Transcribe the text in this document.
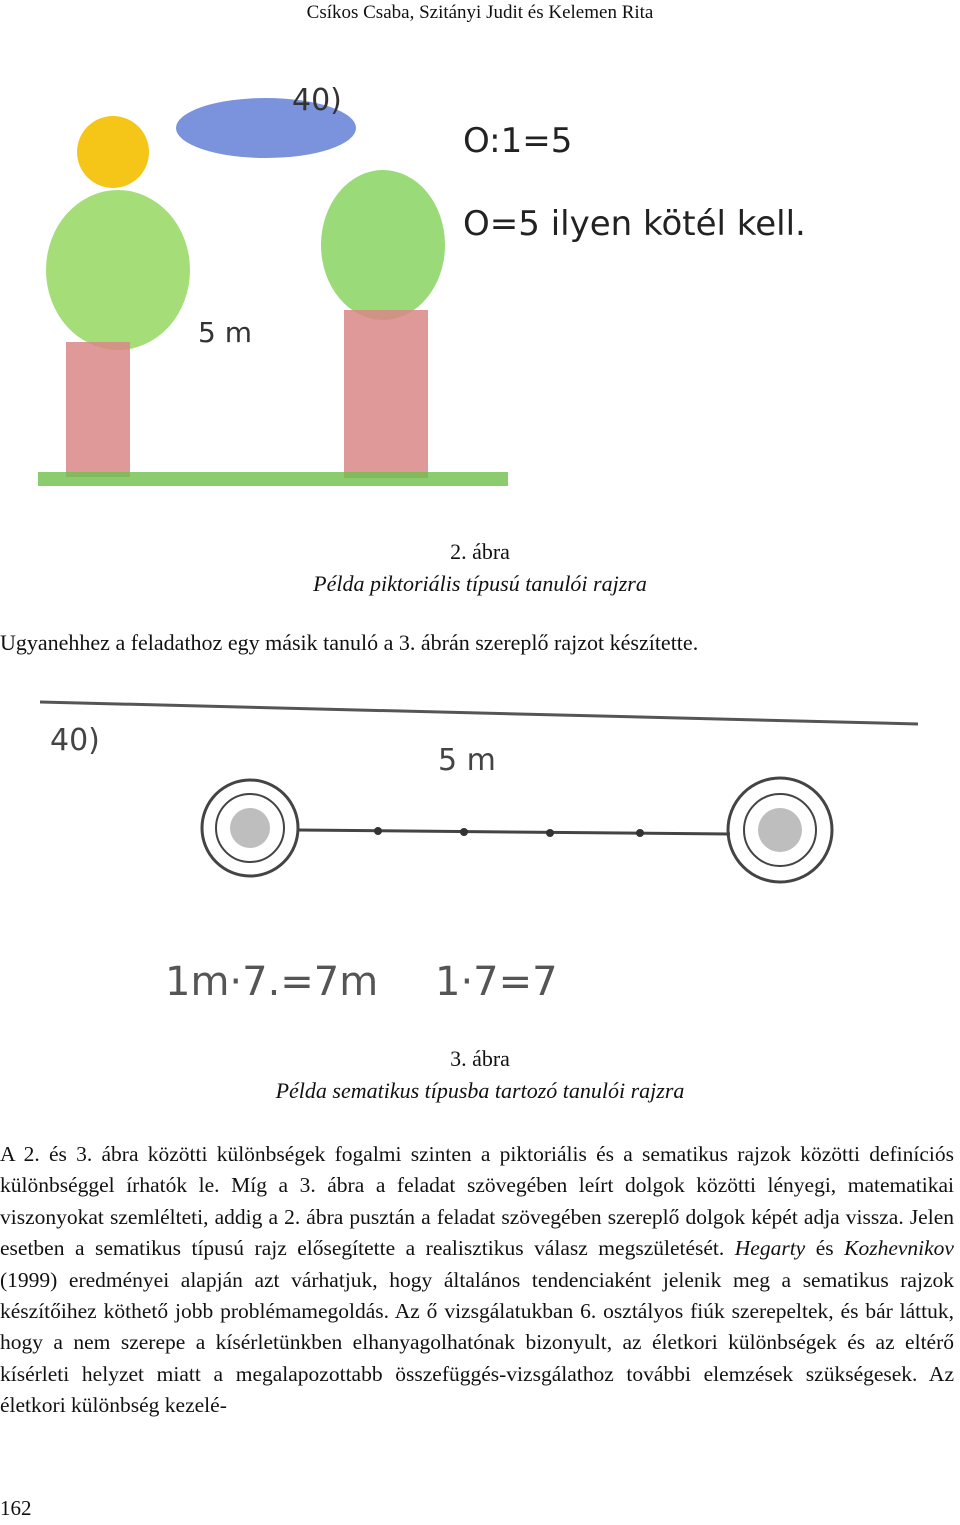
Csíkos Csaba, Szitányi Judit és Kelemen Rita
40)
O:1=5
O=5 ilyen kötél kell.
5 m
2. ábra
Példa piktoriális típusú tanulói rajzra
Ugyanehhez a feladathoz egy másik tanuló a 3. ábrán szereplő rajzot készítette.
40)
5 m
1m·7.=7m 1·7=7
3. ábra
Példa sematikus típusba tartozó tanulói rajzra
A 2. és 3. ábra közötti különbségek fogalmi szinten a piktoriális és a sematikus rajzok közötti definíciós különbséggel írhatók le. Míg a 3. ábra a feladat szövegében leírt dolgok közötti lényegi, matematikai viszonyokat szemlélteti, addig a 2. ábra pusztán a feladat szövegében szereplő dolgok képét adja vissza. Jelen esetben a sematikus típusú rajz elősegítette a realisztikus válasz megszületését. Hegarty és Kozhevnikov (1999) eredményei alapján azt várhatjuk, hogy általános tendenciaként jelenik meg a sematikus rajzok készítőihez köthető jobb problémamegoldás. Az ő vizsgálatukban 6. osztályos fiúk szerepeltek, és bár láttuk, hogy a nem szerepe a kísérletünkben elhanyagolhatónak bizonyult, az életkori különbségek és az eltérő kísérleti helyzet miatt a megalapozottabb összefüggés-vizsgálathoz további elemzések szükségesek. Az életkori különbség kezelé-
162
